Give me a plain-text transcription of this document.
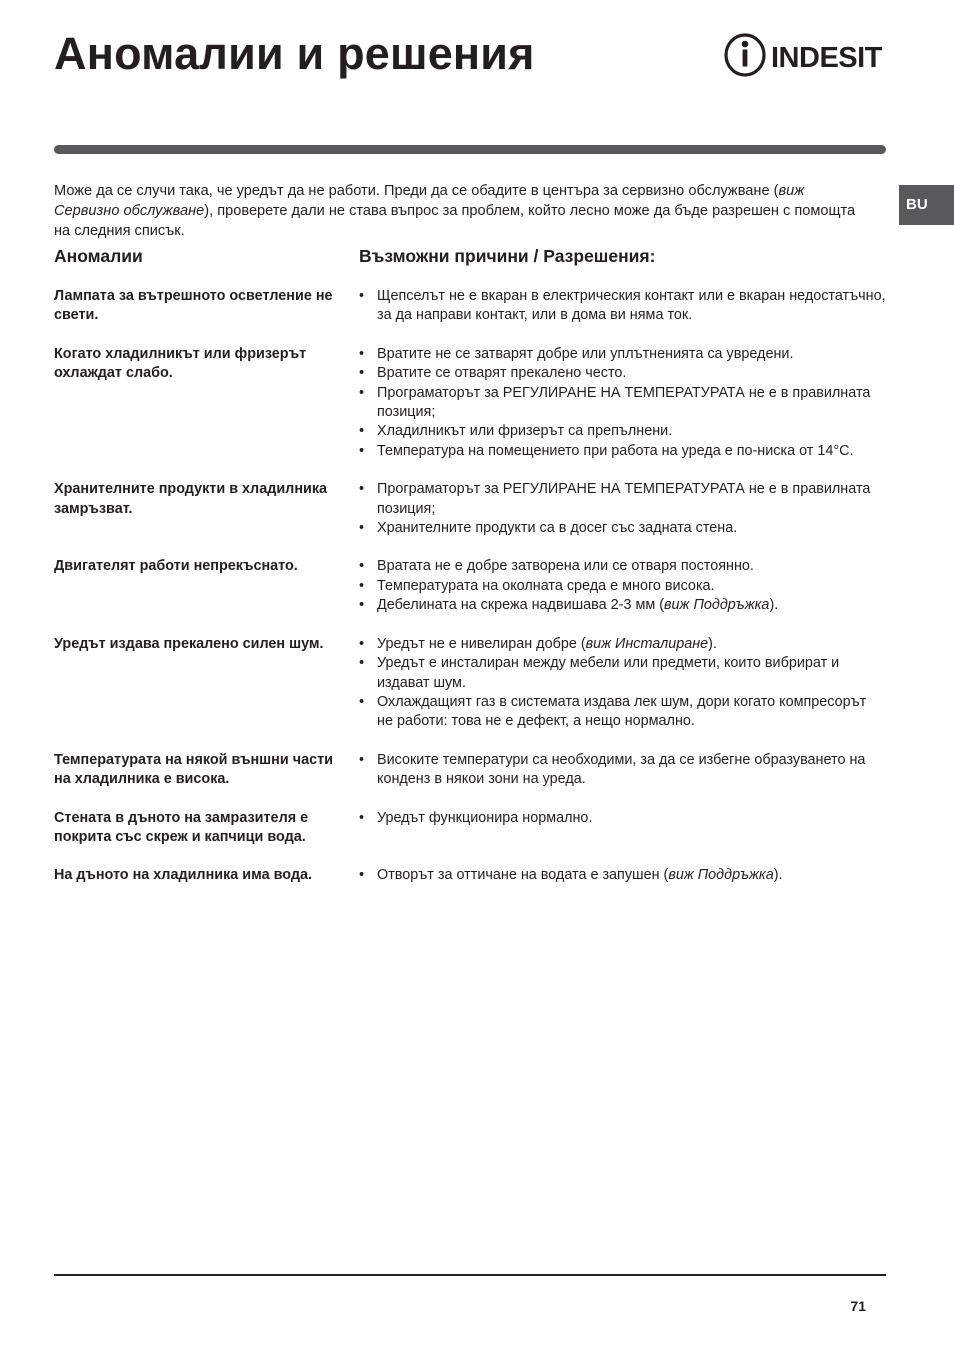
Аномалии и решения	INDESIT
BU

Може да се случи така, че уредът да не работи. Преди да се обадите в центъра за сервизно обслужване (виж Сервизно обслужване), проверете дали не става въпрос за проблем, който лесно може да бъде разрешен с помощта на следния списък.

Аномалии	Възможни причини / Разрешения:
Лампата за вътрешното осветление не свети.
• Щепселът не е вкаран в електрическия контакт или е вкаран недостатъчно, за да направи контакт, или в дома ви няма ток.
Когато хладилникът или фризерът охлаждат слабо.
• Вратите не се затварят добре или уплътненията са увредени.
• Вратите се отварят прекалено често.
• Програматорът за РЕГУЛИРАНЕ НА ТЕМПЕРАТУРАТА не е в правилната позиция;
• Хладилникът или фризерът са препълнени.
• Температура на помещението при работа на уреда е по-ниска от 14°С.
Хранителните продукти в хладилника замръзват.
• Програматорът за РЕГУЛИРАНЕ НА ТЕМПЕРАТУРАТА не е в правилната позиция;
• Хранителните продукти са в досег със задната стена.
Двигателят работи непрекъснато.	• Вратата не е добре затворена или се отваря постоянно.
• Температурата на околната среда е много висока.
• Дебелината на скрежа надвишава 2-3 мм (виж Поддръжка).
Уредът издава прекалено силен шум.	• Уредът не е нивелиран добре (виж Инсталиране).
• Уредът е инсталиран между мебели или предмети, които вибрират и издават шум.
• Охлаждащият газ в системата издава лек шум, дори когато компресорът не работи: това не е дефект, а нещо нормално.
Температурата на някой външни части на хладилника е висока.
• Високите температури са необходими, за да се избегне образуването на конденз в някои зони на уреда.
Стената в дъното на замразителя е покрита със скреж и капчици вода.
• Уредът функционира нормално.
На дъното на хладилника има вода.	• Отворът за оттичане на водата е запушен (виж Поддръжка).
71
